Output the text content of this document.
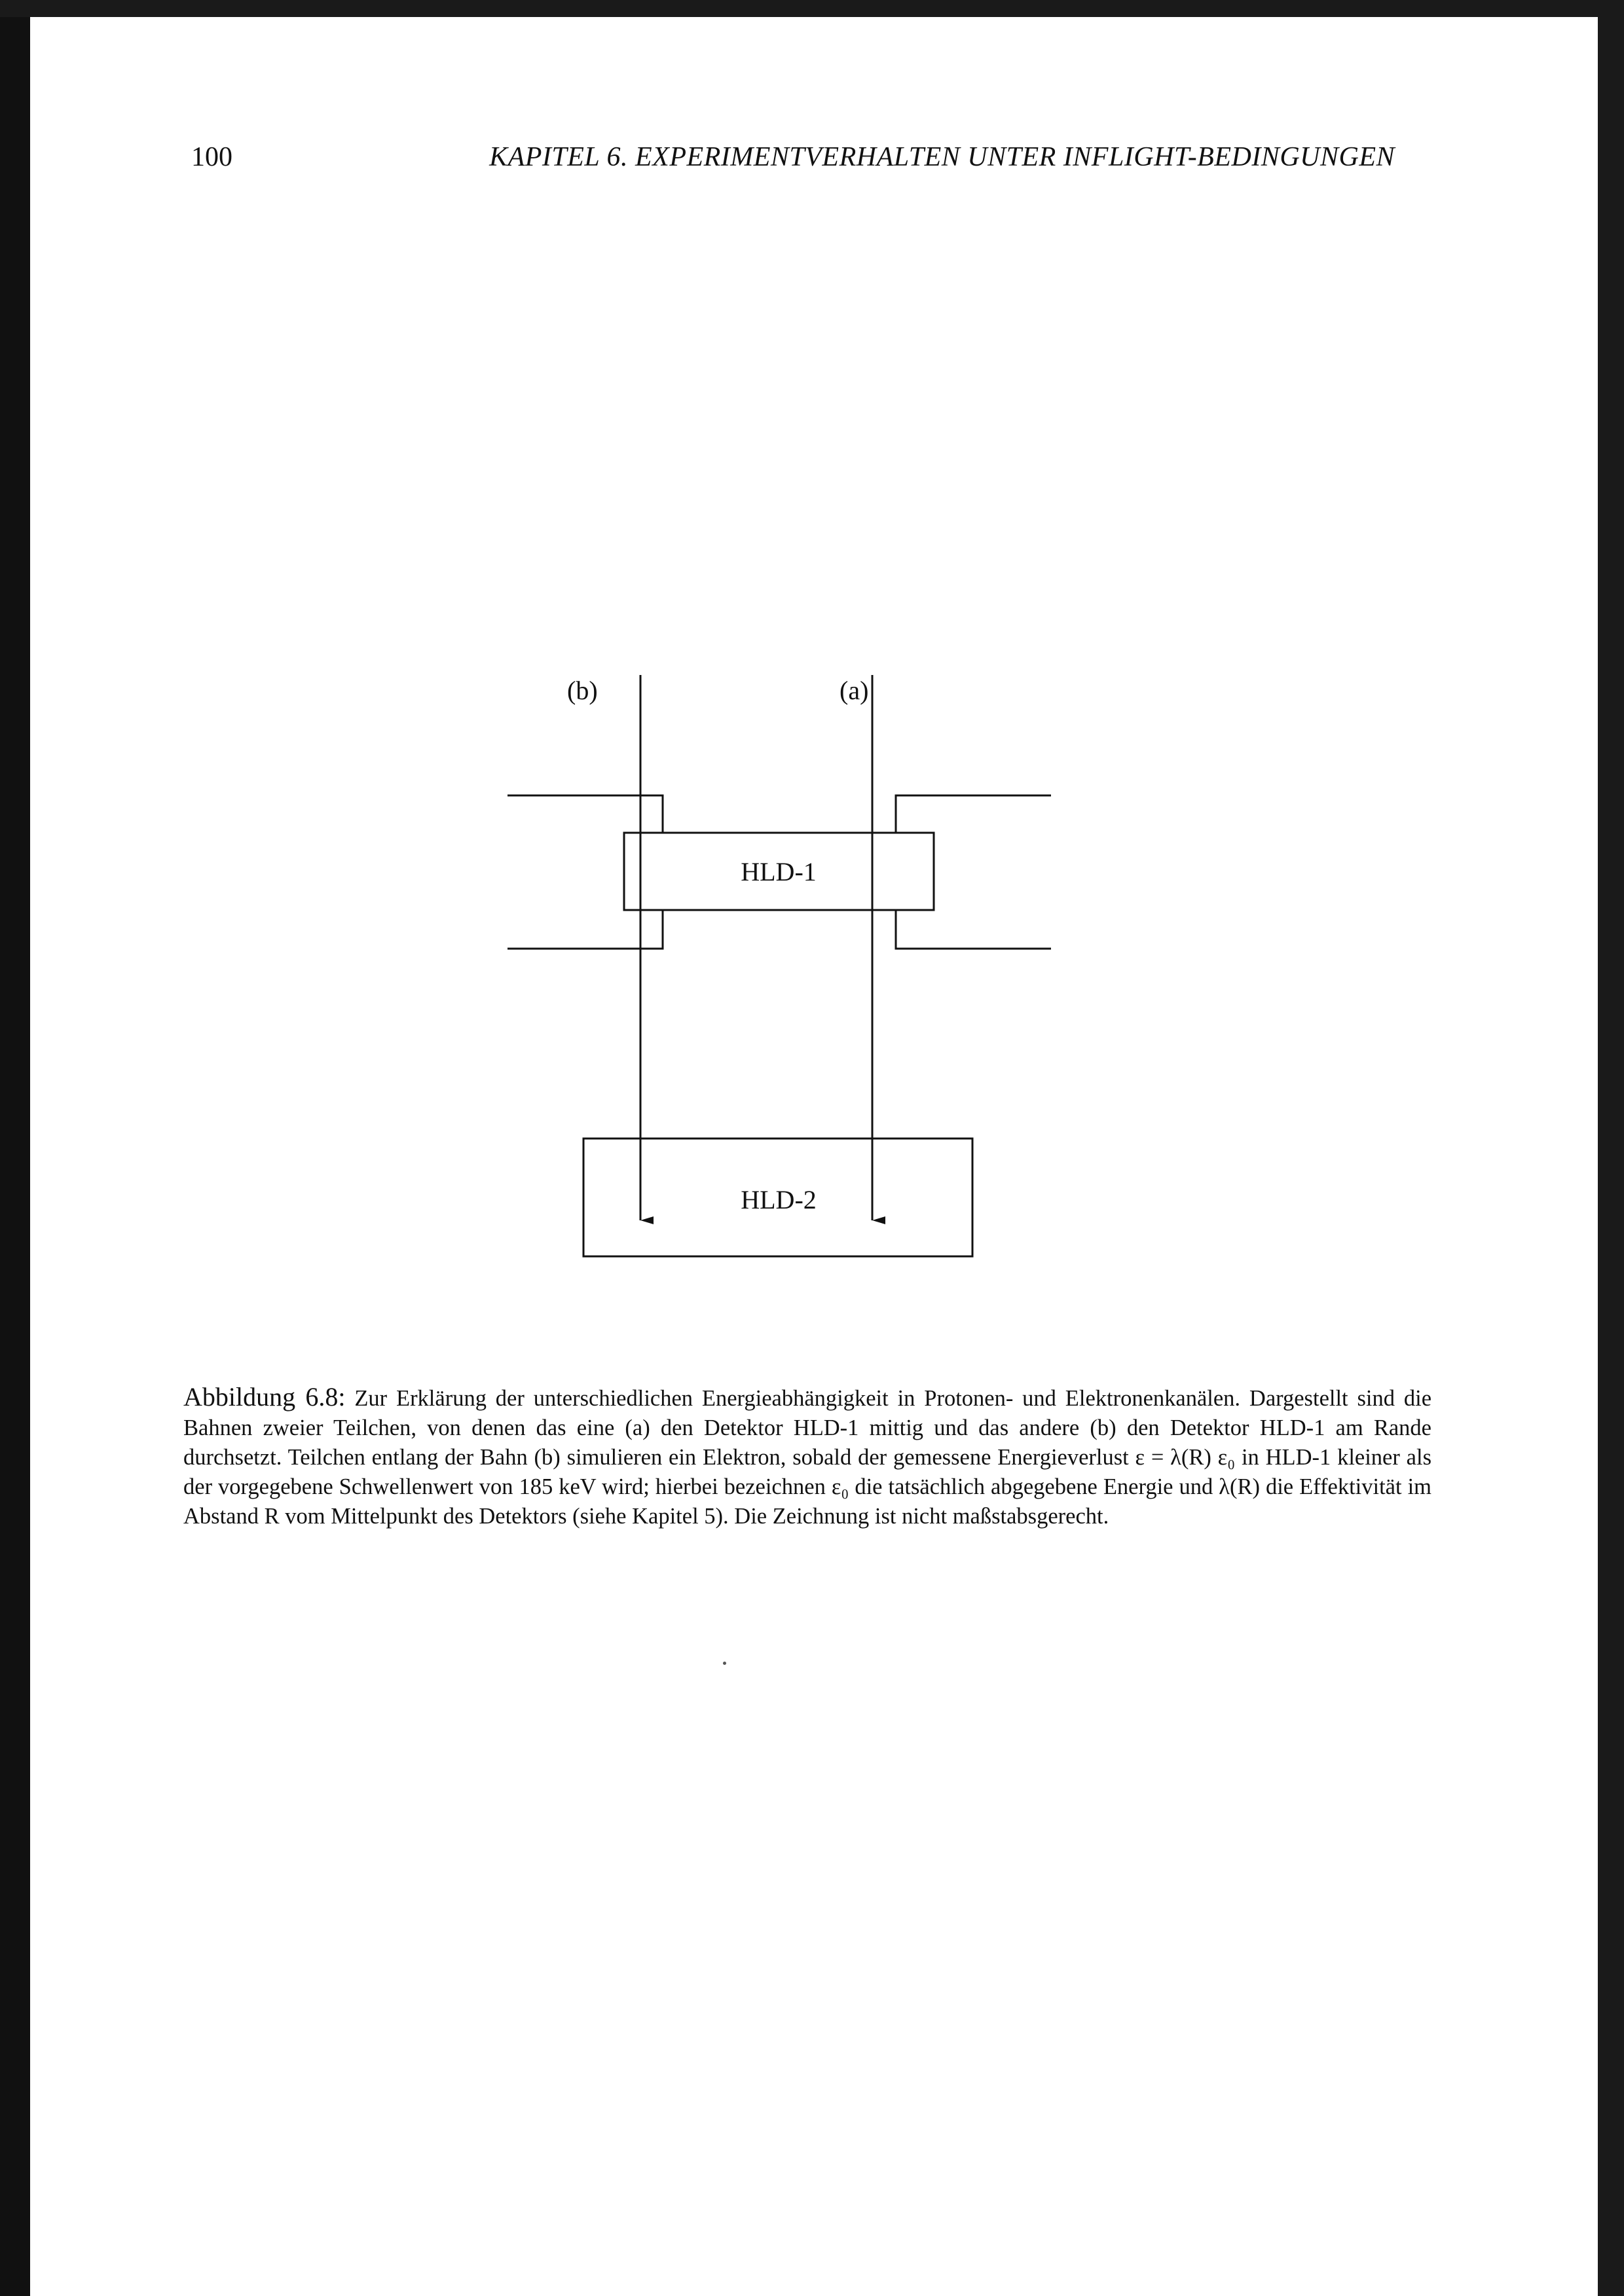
100	KAPITEL 6. EXPERIMENTVERHALTEN UNTER INFLIGHT-BEDINGUNGEN
(b)	(a)
HLD-1
HLD-2

Abbildung 6.8: Zur Erklärung der unterschiedlichen Energieabhängigkeit in Protonen- und Elektronenkanälen. Dargestellt sind die Bahnen zweier Teilchen, von denen das eine (a) den Detektor HLD-1 mittig und das andere (b) den Detektor HLD-1 am Rande durchsetzt. Teilchen entlang der Bahn (b) simulieren ein Elektron, sobald der gemessene Energieverlust ε = λ(R) ε₀ in HLD-1 kleiner als der vorgegebene Schwellenwert von 185 keV wird; hierbei bezeichnen ε₀ die tatsächlich abgegebene Energie und λ(R) die Effektivität im Abstand R vom Mittelpunkt des Detektors (siehe Kapitel 5). Die Zeichnung ist nicht maßstabsgerecht.
